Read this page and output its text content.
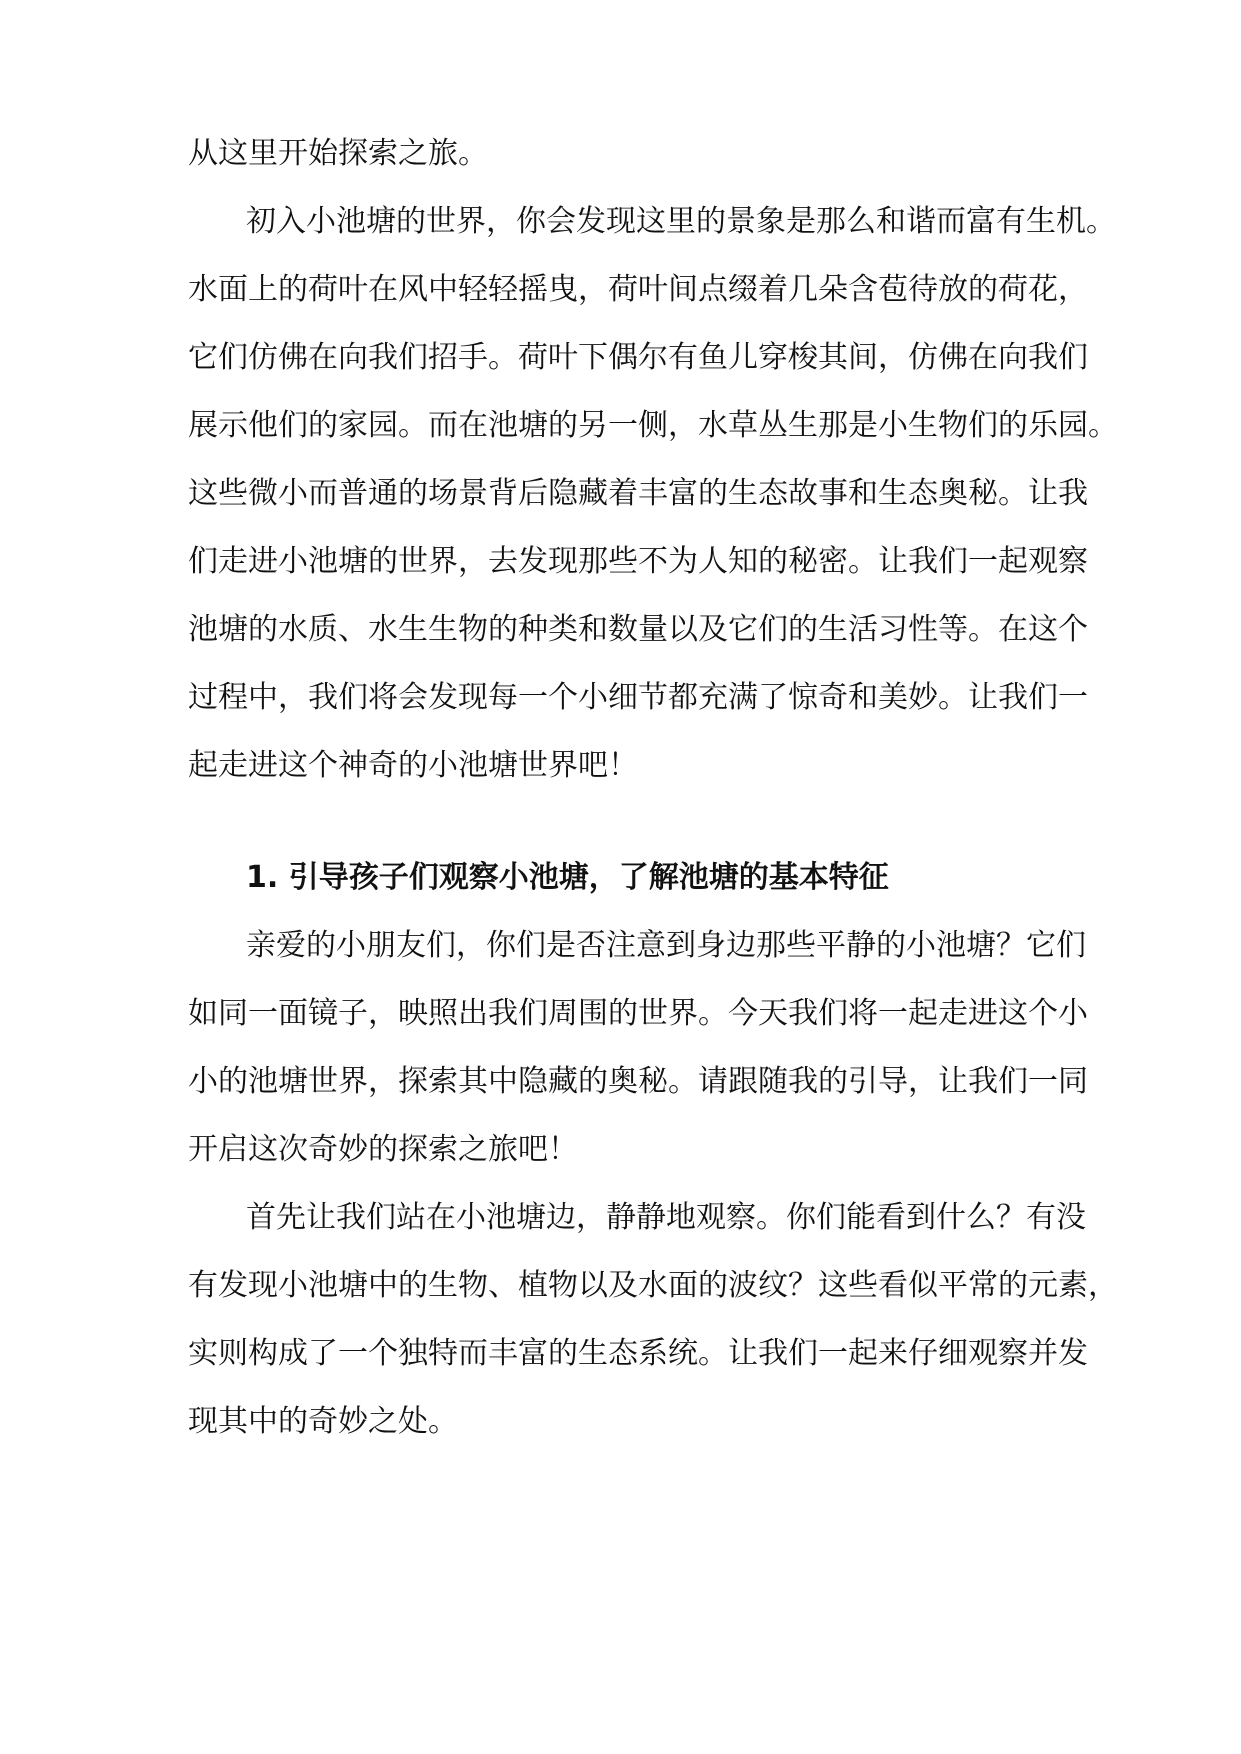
从这里开始探索之旅。
初入小池塘的世界，你会发现这里的景象是那么和谐而富有生机。
水面上的荷叶在风中轻轻摇曳，荷叶间点缀着几朵含苞待放的荷花，
它们仿佛在向我们招手。荷叶下偶尔有鱼儿穿梭其间，仿佛在向我们
展示他们的家园。而在池塘的另一侧，水草丛生那是小生物们的乐园。
这些微小而普通的场景背后隐藏着丰富的生态故事和生态奥秘。让我
们走进小池塘的世界，去发现那些不为人知的秘密。让我们一起观察
池塘的水质、水生生物的种类和数量以及它们的生活习性等。在这个
过程中，我们将会发现每一个小细节都充满了惊奇和美妙。让我们一
起走进这个神奇的小池塘世界吧！
1. 引导孩子们观察小池塘，了解池塘的基本特征
亲爱的小朋友们，你们是否注意到身边那些平静的小池塘？它们
如同一面镜子，映照出我们周围的世界。今天我们将一起走进这个小
小的池塘世界，探索其中隐藏的奥秘。请跟随我的引导，让我们一同
开启这次奇妙的探索之旅吧！
首先让我们站在小池塘边，静静地观察。你们能看到什么？有没
有发现小池塘中的生物、植物以及水面的波纹？这些看似平常的元素，
实则构成了一个独特而丰富的生态系统。让我们一起来仔细观察并发
现其中的奇妙之处。
